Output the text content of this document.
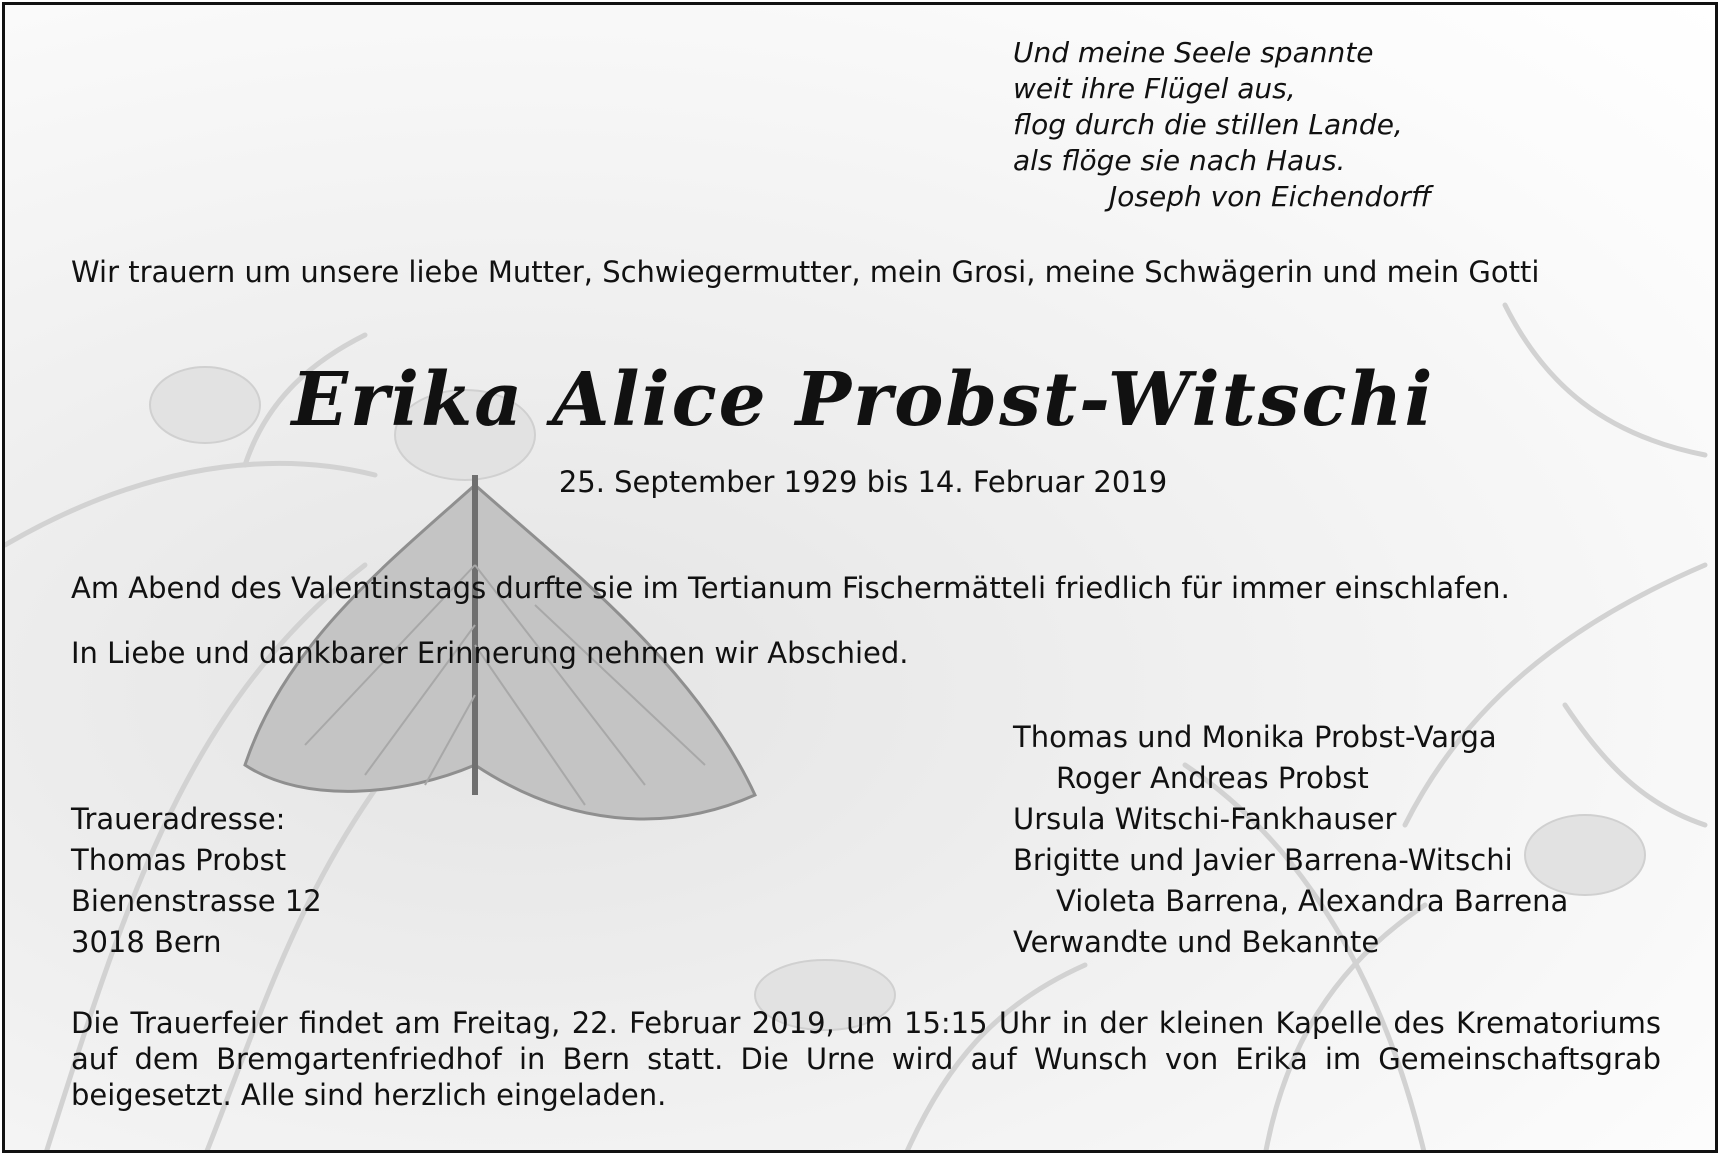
Und meine Seele spannte
weit ihre Flügel aus,
flog durch die stillen Lande,
als flöge sie nach Haus.
Joseph von Eichendorff
Wir trauern um unsere liebe Mutter, Schwiegermutter, mein Grosi, meine Schwägerin und mein Gotti
Erika Alice Probst-Witschi
25. September 1929 bis 14. Februar 2019
Am Abend des Valentinstags durfte sie im Tertianum Fischermätteli friedlich für immer einschlafen.
In Liebe und dankbarer Erinnerung nehmen wir Abschied.
Thomas und Monika Probst-Varga
Roger Andreas Probst
Ursula Witschi-Fankhauser
Brigitte und Javier Barrena-Witschi
Violeta Barrena, Alexandra Barrena
Verwandte und Bekannte
Traueradresse:
Thomas Probst
Bienenstrasse 12
3018 Bern
Die Trauerfeier findet am Freitag, 22. Februar 2019, um 15:15 Uhr in der kleinen Kapelle des Krematoriums
auf dem Bremgartenfriedhof in Bern statt. Die Urne wird auf Wunsch von Erika im Gemeinschaftsgrab
beigesetzt. Alle sind herzlich eingeladen.
